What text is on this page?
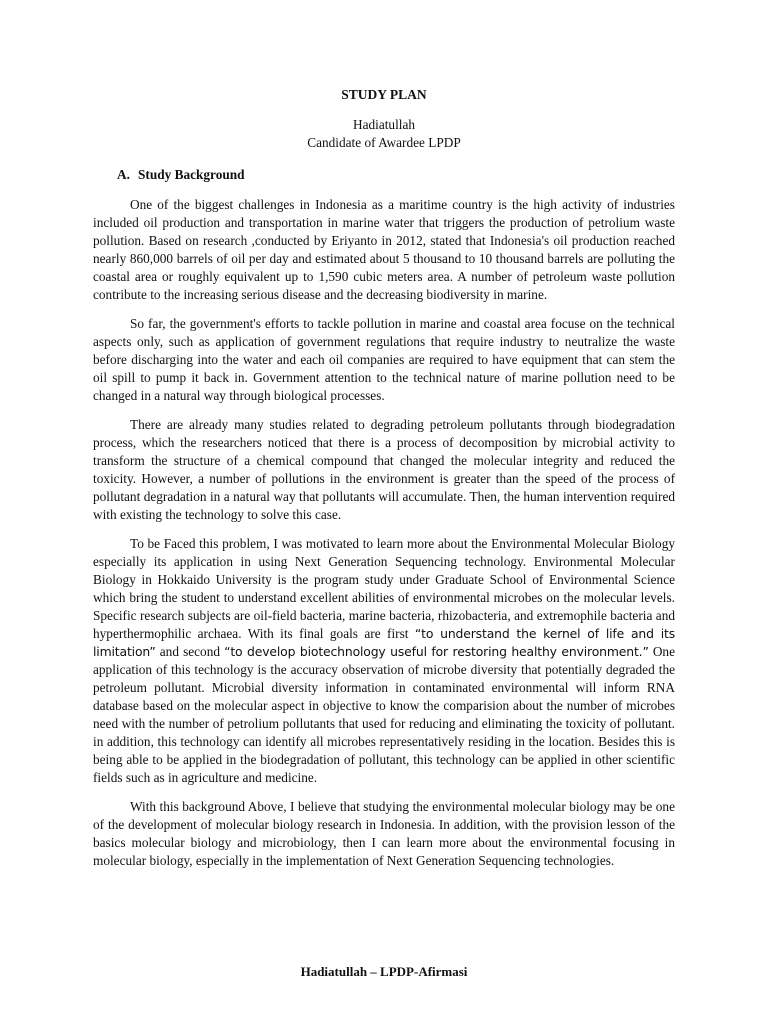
STUDY PLAN
Hadiatullah
Candidate of Awardee LPDP
A. Study Background

One of the biggest challenges in Indonesia as a maritime country is the high activity of industries included oil production and transportation in marine water that triggers the production of petrolium waste pollution. Based on research ,conducted by Eriyanto in 2012, stated that Indonesia's oil production reached nearly 860,000 barrels of oil per day and estimated about 5 thousand to 10 thousand barrels are polluting the coastal area or roughly equivalent up to 1,590 cubic meters area. A number of petroleum waste pollution contribute to the increasing serious disease and the decreasing biodiversity in marine.

So far, the government's efforts to tackle pollution in marine and coastal area focuse on the technical aspects only, such as application of government regulations that require industry to neutralize the waste before discharging into the water and each oil companies are required to have equipment that can stem the oil spill to pump it back in. Government attention to the technical nature of marine pollution need to be changed in a natural way through biological processes.

There are already many studies related to degrading petroleum pollutants through biodegradation process, which the researchers noticed that there is a process of decomposition by microbial activity to transform the structure of a chemical compound that changed the molecular integrity and reduced the toxicity. However, a number of pollutions in the environment is greater than the speed of the process of pollutant degradation in a natural way that pollutants will accumulate. Then, the human intervention required with existing the technology to solve this case.

To be Faced this problem, I was motivated to learn more about the Environmental Molecular Biology especially its application in using Next Generation Sequencing technology. Environmental Molecular Biology in Hokkaido University is the program study under Graduate School of Environmental Science which bring the student to understand excellent abilities of environmental microbes on the molecular levels. Specific research subjects are oil-field bacteria, marine bacteria, rhizobacteria, and extremophile bacteria and hyperthermophilic archaea. With its final goals are first “to understand the kernel of life and its limitation” and second “to develop biotechnology useful for restoring healthy environment.” One application of this technology is the accuracy observation of microbe diversity that potentially degraded the petroleum pollutant. Microbial diversity information in contaminated environmental will inform RNA database based on the molecular aspect in objective to know the comparision about the number of microbes need with the number of petrolium pollutants that used for reducing and eliminating the toxicity of pollutant. in addition, this technology can identify all microbes representatively residing in the location. Besides this is being able to be applied in the biodegradation of pollutant, this technology can be applied in other scientific fields such as in agriculture and medicine.

With this background Above, I believe that studying the environmental molecular biology may be one of the development of molecular biology research in Indonesia. In addition, with the provision lesson of the basics molecular biology and microbiology, then I can learn more about the environmental focusing in molecular biology, especially in the implementation of Next Generation Sequencing technologies.

Hadiatullah – LPDP-Afirmasi
